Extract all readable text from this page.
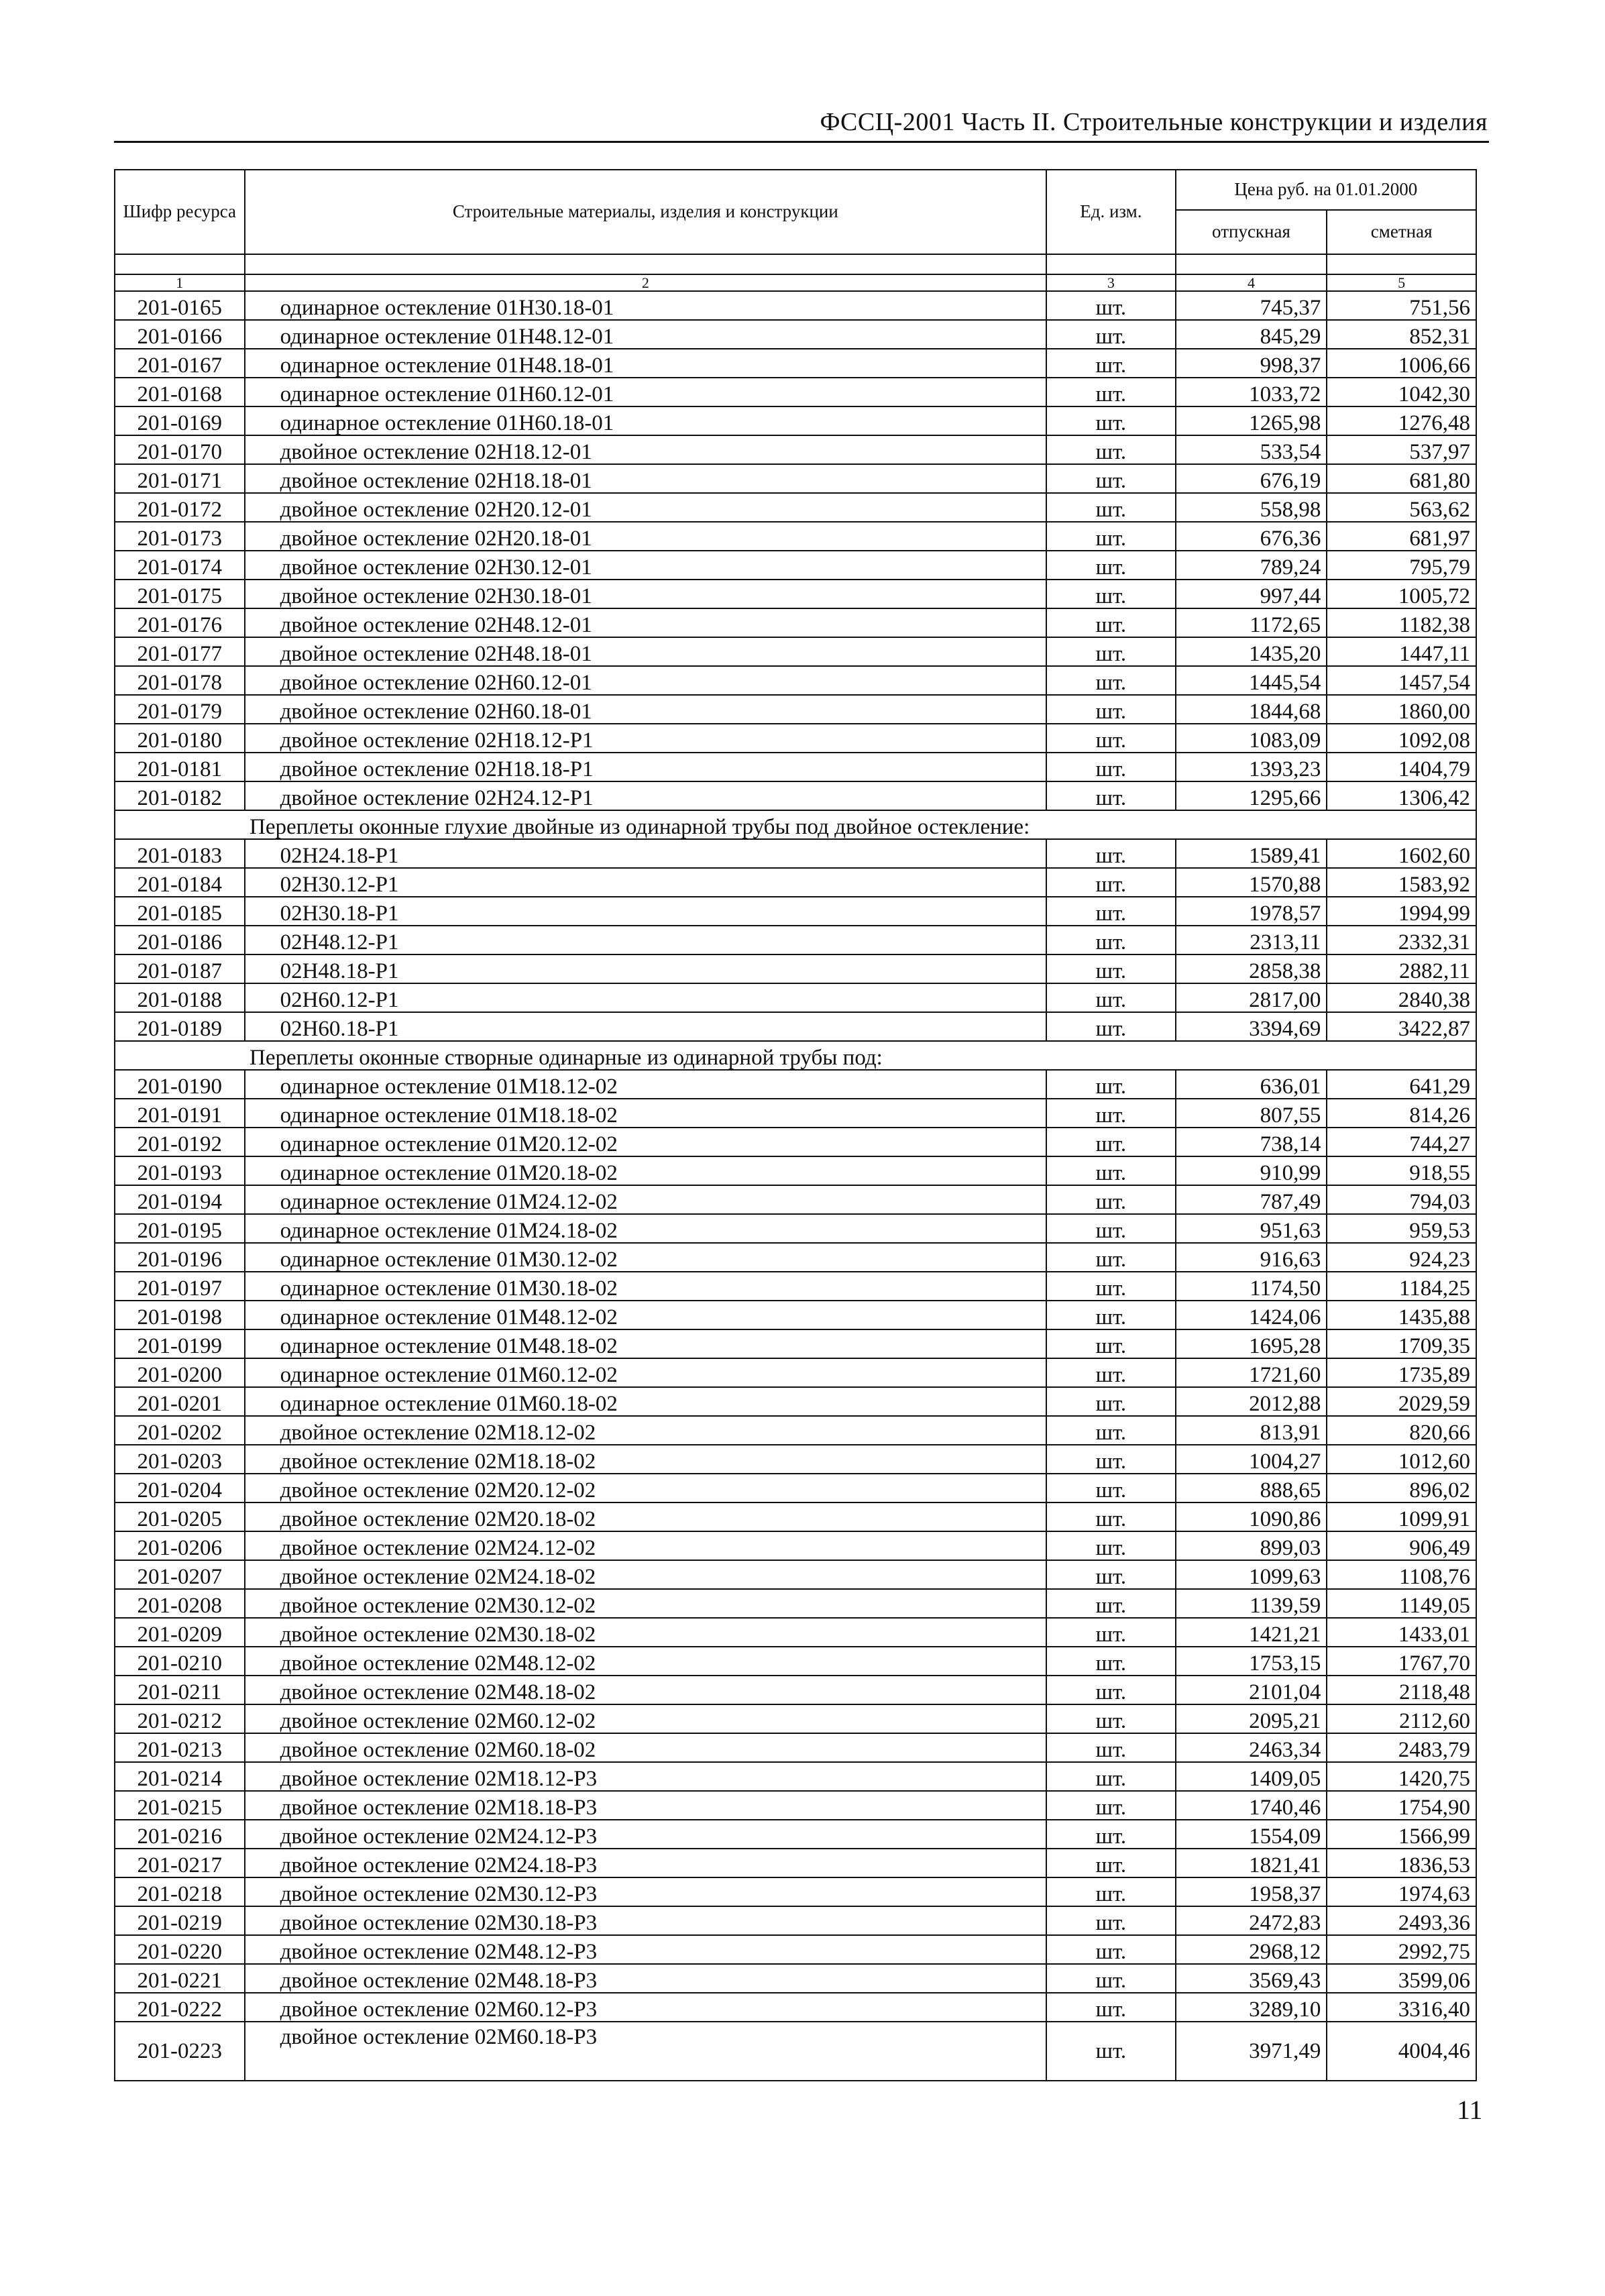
ФССЦ-2001 Часть II. Строительные конструкции и изделия
Шифр ресурса	Строительные материалы, изделия и конструкции	Ед. изм.	Цена руб. на 01.01.2000	
			отпускная	сметная

1	2	3	4	5
201-0165	одинарное остекление 01Н30.18-01	шт.	745,37	751,56
201-0166	одинарное остекление 01Н48.12-01	шт.	845,29	852,31
201-0167	одинарное остекление 01Н48.18-01	шт.	998,37	1006,66
201-0168	одинарное остекление 01Н60.12-01	шт.	1033,72	1042,30
201-0169	одинарное остекление 01Н60.18-01	шт.	1265,98	1276,48
201-0170	двойное остекление 02Н18.12-01	шт.	533,54	537,97
201-0171	двойное остекление 02Н18.18-01	шт.	676,19	681,80
201-0172	двойное остекление 02Н20.12-01	шт.	558,98	563,62
201-0173	двойное остекление 02Н20.18-01	шт.	676,36	681,97
201-0174	двойное остекление 02Н30.12-01	шт.	789,24	795,79
201-0175	двойное остекление 02Н30.18-01	шт.	997,44	1005,72
201-0176	двойное остекление 02Н48.12-01	шт.	1172,65	1182,38
201-0177	двойное остекление 02Н48.18-01	шт.	1435,20	1447,11
201-0178	двойное остекление 02Н60.12-01	шт.	1445,54	1457,54
201-0179	двойное остекление 02Н60.18-01	шт.	1844,68	1860,00
201-0180	двойное остекление 02Н18.12-Р1	шт.	1083,09	1092,08
201-0181	двойное остекление 02Н18.18-Р1	шт.	1393,23	1404,79
201-0182	двойное остекление 02Н24.12-Р1	шт.	1295,66	1306,42
Переплеты оконные глухие двойные из одинарной трубы под двойное остекление:				
201-0183	02Н24.18-Р1	шт.	1589,41	1602,60
201-0184	02Н30.12-Р1	шт.	1570,88	1583,92
201-0185	02Н30.18-Р1	шт.	1978,57	1994,99
201-0186	02Н48.12-Р1	шт.	2313,11	2332,31
201-0187	02Н48.18-Р1	шт.	2858,38	2882,11
201-0188	02Н60.12-Р1	шт.	2817,00	2840,38
201-0189	02Н60.18-Р1	шт.	3394,69	3422,87
Переплеты оконные створные одинарные из одинарной трубы под:				
201-0190	одинарное остекление 01М18.12-02	шт.	636,01	641,29
201-0191	одинарное остекление 01М18.18-02	шт.	807,55	814,26
201-0192	одинарное остекление 01М20.12-02	шт.	738,14	744,27
201-0193	одинарное остекление 01М20.18-02	шт.	910,99	918,55
201-0194	одинарное остекление 01М24.12-02	шт.	787,49	794,03
201-0195	одинарное остекление 01М24.18-02	шт.	951,63	959,53
201-0196	одинарное остекление 01М30.12-02	шт.	916,63	924,23
201-0197	одинарное остекление 01М30.18-02	шт.	1174,50	1184,25
201-0198	одинарное остекление 01М48.12-02	шт.	1424,06	1435,88
201-0199	одинарное остекление 01М48.18-02	шт.	1695,28	1709,35
201-0200	одинарное остекление 01М60.12-02	шт.	1721,60	1735,89
201-0201	одинарное остекление 01М60.18-02	шт.	2012,88	2029,59
201-0202	двойное остекление 02М18.12-02	шт.	813,91	820,66
201-0203	двойное остекление 02М18.18-02	шт.	1004,27	1012,60
201-0204	двойное остекление 02М20.12-02	шт.	888,65	896,02
201-0205	двойное остекление 02М20.18-02	шт.	1090,86	1099,91
201-0206	двойное остекление 02М24.12-02	шт.	899,03	906,49
201-0207	двойное остекление 02М24.18-02	шт.	1099,63	1108,76
201-0208	двойное остекление 02М30.12-02	шт.	1139,59	1149,05
201-0209	двойное остекление 02М30.18-02	шт.	1421,21	1433,01
201-0210	двойное остекление 02М48.12-02	шт.	1753,15	1767,70
201-0211	двойное остекление 02М48.18-02	шт.	2101,04	2118,48
201-0212	двойное остекление 02М60.12-02	шт.	2095,21	2112,60
201-0213	двойное остекление 02М60.18-02	шт.	2463,34	2483,79
201-0214	двойное остекление 02М18.12-Р3	шт.	1409,05	1420,75
201-0215	двойное остекление 02М18.18-Р3	шт.	1740,46	1754,90
201-0216	двойное остекление 02М24.12-Р3	шт.	1554,09	1566,99
201-0217	двойное остекление 02М24.18-Р3	шт.	1821,41	1836,53
201-0218	двойное остекление 02М30.12-Р3	шт.	1958,37	1974,63
201-0219	двойное остекление 02М30.18-Р3	шт.	2472,83	2493,36
201-0220	двойное остекление 02М48.12-Р3	шт.	2968,12	2992,75
201-0221	двойное остекление 02М48.18-Р3	шт.	3569,43	3599,06
201-0222	двойное остекление 02М60.12-Р3	шт.	3289,10	3316,40
201-0223	двойное остекление 02М60.18-Р3	шт.	3971,49	4004,46
11
